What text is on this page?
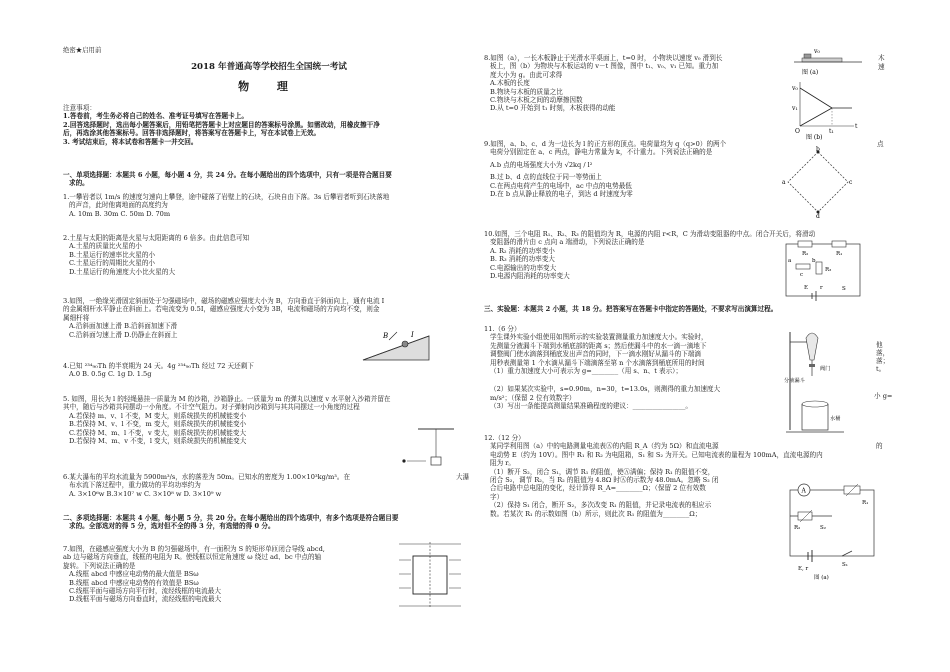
绝密★启用前
2018 年普通高等学校招生全国统一考试
物 理

注意事项：

1.答卷前，考生务必将自己的姓名、准考证号填写在答题卡上。

2.回答选择题时，选出每小题答案后，用铅笔把答题卡上对应题目的答案标号涂黑。如需改动，用橡皮擦干净

后，再选涂其他答案标号。回答非选择题时，将答案写在答题卡上，写在本试卷上无效。

3. 考试结束后，将本试卷和答题卡一并交回。

一、单项选择题：本题共 6 小题，每小题 4 分，共 24 分。在每小题给出的四个选项中，只有一项是符合题目要

求的。

1.一攀岩者以 1m/s 的速度匀速向上攀登，途中碰落了岩壁上的石块，石块自由下落。3s 后攀岩者听到石块落地

的声音，此时他离地面的高度约为

A. 10m B. 30m C. 50m D. 70m

2.土星与太阳的距离是火星与太阳距离的 6 倍多。由此信息可知

A.土星的质量比火星的小

B.土星运行的速率比火星的小

C.土星运行的周期比火星的小

D.土星运行的角速度大小比火星的大

3.如图，一绝缘光滑固定斜面处于匀强磁场中，磁场的磁感应强度大小为 B，方向垂直于斜面向上，通有电流 I

的金属细杆水平静止在斜面上。若电流变为 0.5I，磁感应强度大小变为 3B，电流和磁场的方向均不变，则金

属细杆将

A.沿斜面加速上滑 B.沿斜面加速下滑

C.沿斜面匀速上滑 D.仍静止在斜面上

4.已知 ²³⁴₉₀Th 的半衰期为 24 天。4g ²³⁴₉₀Th 经过 72 天还剩下

A.0 B. 0.5g C. 1g D. 1.5g

5. 如图，用长为 l 的轻绳悬挂一质量为 M 的沙箱，沙箱静止。一质量为 m 的弹丸以速度 v 水平射入沙箱并留在

其中，随后与沙箱共同摆动一小角度。不计空气阻力。对子弹射向沙箱到与其共同摆过一小角度的过程

A.若保持 m、v、l 不变，M 变大，则系统损失的机械能变小

B.若保持 M、v、l 不变，m 变大，则系统损失的机械能变小

C.若保持 M、m、l 不变，v 变大，则系统损失的机械能变大

D.若保持 M、m、v 不变，l 变大，则系统损失的机械能变大

6.某大瀑布的平均水流量为 5900m³/s，水的落差为 50m。已知水的密度为 1.00×10³kg/m³。在

布水流下落过程中，重力做功的平均功率约为

A. 3×10⁶w B.3×10⁷ w C. 3×10⁸ w D. 3×10⁹ w

大瀑

二、多项选择题：本题共 4 小题，每小题 5 分，共 20 分。在每小题给出的四个选项中，有多个选项是符合题目要

求的。全部选对的得 5 分，选对但不全的得 3 分，有选错的得 0 分。

7.如图，在磁感应强度大小为 B 的匀强磁场中，有一面积为 S 的矩形单匝闭合导线 abcd,

ab 边与磁场方向垂直，线框的电阻为 R。使线框以恒定角速度 ω 绕过 ad、bc 中点的轴

旋转。下列说法正确的是

A.线框 abcd 中感应电动势的最大值是 BSω

B.线框 abcd 中感应电动势的有效值是 BSω

C.线框平面与磁场方向平行时，流经线框的电流最大

D.线框平面与磁场方向垂直时，流经线框的电流最大

B	I

8.如图（a），一长木板静止于光滑水平桌面上，t=0 时， 小物块以速度 v₀ 滑到长

板上，图（b）为物块与木板运动的 v－t 图像，图中 t₁、v₀、v₁ 已知。重力加

度大小为 g。由此可求得

A.木板的长度

B.物块与木板的质量之比

C.物块与木板之间的动摩擦因数

D.从 t=0 开始到 t₁ 时刻，木板获得的动能

木
速

9.如图，a、b、c、d 为一边长为 l 的正方形的顶点。电荷量均为 q（q>0）的两个

电荷分别固定在 a、c 两点，静电力常量为 k，不计重力。下列说法正确的是

A.b 点的电场强度大小为 √2kq / l²

B.过 b、d 点的直线位于同一等势面上

C.在两点电荷产生的电场中，ac 中点的电势最低

D.在 b 点从静止释放的电子，到达 d 时速度为零

点

10.如图，三个电阻 R₁、R₂、R₃ 的阻值均为 R，电源的内阻 r<R，C 为滑动变阻器的中点。闭合开关后，将滑动

变阻器的滑片由 c 点向 a 端滑动，下列说法正确的是

A. R₂ 消耗的功率变小

B. R₃ 消耗的功率变大

C.电源输出的功率变大

D.电源内阻消耗的功率变大

三、实验题：本题共 2 小题，共 18 分。把答案写在答题卡中指定的答题处，不要求写出演算过程。

11.（6 分）

学生课外实验小组使用如图所示的实验装置测量重力加速度大小。实验时，

先测量分液漏斗下端到水桶底部的距离 s；然后使漏斗中的水一滴一滴地下

调整阀门使水滴落到桶底发出声音的同时，下一滴水刚好从漏斗的下端滴

用秒表测量第 1 个水滴从漏斗下端滴落至第 n 个水滴落到桶底所用的时间

（1）重力加速度大小可表示为 g=________（用 s、n、t 表示）；

（2）如果某次实验中，s=0.90m，n=30，t=13.0s，则测得的重力加速度大

m/s²；（保留 2 位有效数字）

（3）写出一条能提高测量结果准确程度的建议：________________。

他
落，
落；
t。
小 g=

12.（12 分）

某同学利用图（a）中的电路测量电流表Ⓐ的内阻 R_A（约为 5Ω）和直流电源

电动势 E（约为 10V）。图中 R₁ 和 R₂ 为电阻箱，S₁ 和 S₂ 为开关。已知电流表的量程为 100mA，直流电源的内

阻为 r。

（1）断开 S₂，闭合 S₁，调节 R₁ 的阻值，使Ⓐ满偏；保持 R₁ 的阻值不变，

闭合 S₂，调节 R₂，当 R₂ 的阻值为 4.8Ω 时Ⓐ的示数为 48.0mA。忽略 S₂ 闭

合后电路中总电阻的变化，经计算得 R_A=________Ω；（保留 2 位有效数

字）

（2）保持 S₁ 闭合，断开 S₂，多次改变 R₁ 的阻值，并记录电流表的相应示

数。若某次 R₁ 的示数如图（b）所示，则此次 R₁ 的阻值为________Ω；

的
v₀
图 (a)
v₀
v₁
t₁
t
O
图 (b)
a
b
c
d
R₂	R₁
R₃
E r
a	b
c
S
分液漏斗
阀门
水桶
A
R₂	S₂
R₁
E, r
S₁
图 (a)
